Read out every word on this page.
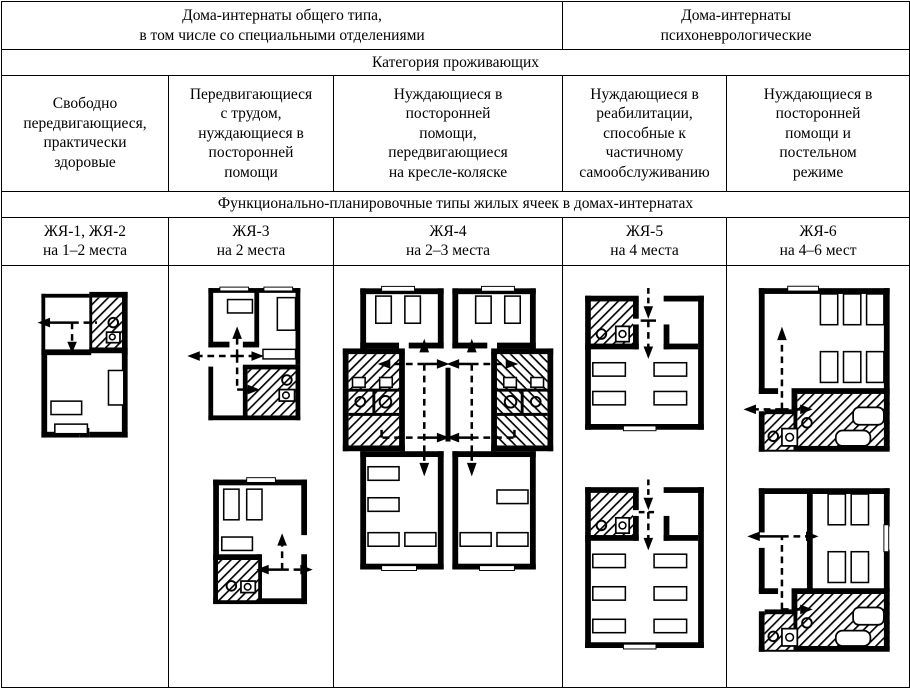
Дома-интернаты общего типа,
в том числе со специальными отделениями			Дома-интернаты
психоневрологические	

Категория проживающих				

Свободно
передвигающиеся,
практически
здоровые	Передвигающиеся
с трудом,
нуждающиеся в
посторонней
помощи	Нуждающиеся в
посторонней
помощи,
передвигающиеся
на кресле-коляске	Нуждающиеся в
реабилитации,
способные к
частичному
самообслуживанию	Нуждающиеся в
посторонней
помощи и
постельном
режиме

Функционально-планировочные типы жилых ячеек в домах-интернатах				

ЖЯ-1, ЖЯ-2
на 1–2 места	ЖЯ-3
на 2 места	ЖЯ-4
на 2–3 места	ЖЯ-5
на 4 места	ЖЯ-6
на 4–6 мест
